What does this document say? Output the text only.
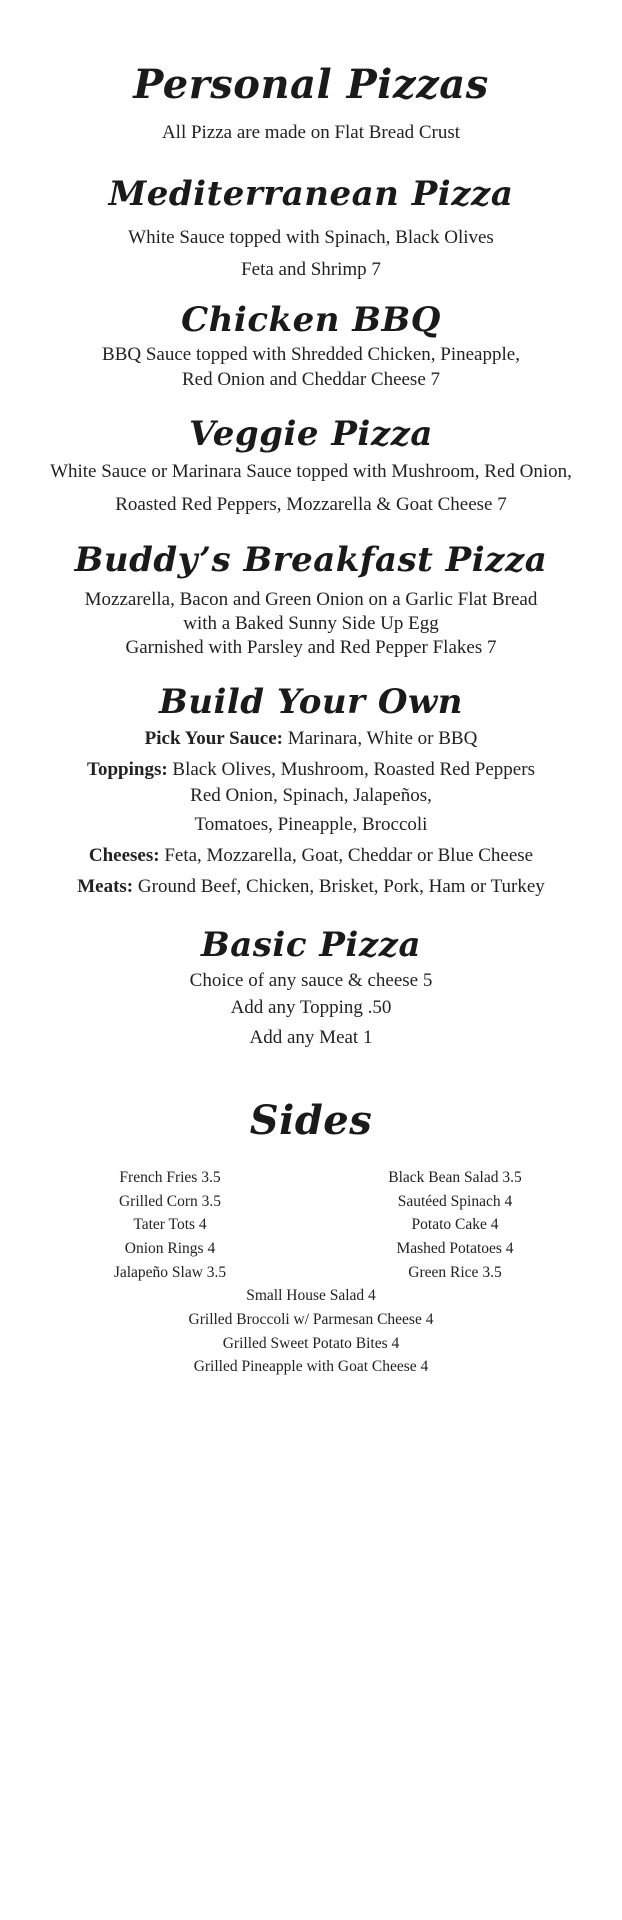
Personal Pizzas
All Pizza are made on Flat Bread Crust
Mediterranean Pizza
White Sauce topped with Spinach, Black Olives
Feta and Shrimp 7
Chicken BBQ
BBQ Sauce topped with Shredded Chicken, Pineapple,
Red Onion and Cheddar Cheese 7
Veggie Pizza
White Sauce or Marinara Sauce topped with Mushroom, Red Onion,
Roasted Red Peppers, Mozzarella & Goat Cheese 7
Buddy’s Breakfast Pizza
Mozzarella, Bacon and Green Onion on a Garlic Flat Bread
with a Baked Sunny Side Up Egg
Garnished with Parsley and Red Pepper Flakes 7
Build Your Own
Pick Your Sauce: Marinara, White or BBQ
Toppings: Black Olives, Mushroom, Roasted Red Peppers
Red Onion, Spinach, Jalapeños,
Tomatoes, Pineapple, Broccoli
Cheeses: Feta, Mozzarella, Goat, Cheddar or Blue Cheese
Meats: Ground Beef, Chicken, Brisket, Pork, Ham or Turkey
Basic Pizza
Choice of any sauce & cheese 5
Add any Topping .50
Add any Meat 1
Sides
French Fries 3.5
Grilled Corn 3.5
Tater Tots 4
Onion Rings 4
Jalapeño Slaw 3.5
Black Bean Salad 3.5
Sautéed Spinach 4
Potato Cake 4
Mashed Potatoes 4
Green Rice 3.5
Small House Salad 4
Grilled Broccoli w/ Parmesan Cheese 4
Grilled Sweet Potato Bites 4
Grilled Pineapple with Goat Cheese 4
